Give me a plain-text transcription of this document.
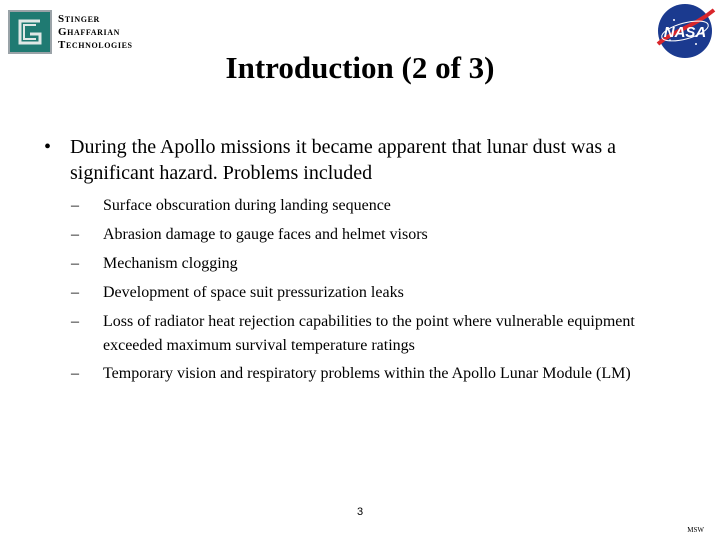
STINGER
GHAFFARIAN
TECHNOLOGIES
NASA
Introduction (2 of 3)
• During the Apollo missions it became apparent that lunar dust was a significant hazard. Problems included
– Surface obscuration during landing sequence
– Abrasion damage to gauge faces and helmet visors
– Mechanism clogging
– Development of space suit pressurization leaks
– Loss of radiator heat rejection capabilities to the point where vulnerable equipment exceeded maximum survival temperature ratings
– Temporary vision and respiratory problems within the Apollo Lunar Module (LM)
3
MSW
